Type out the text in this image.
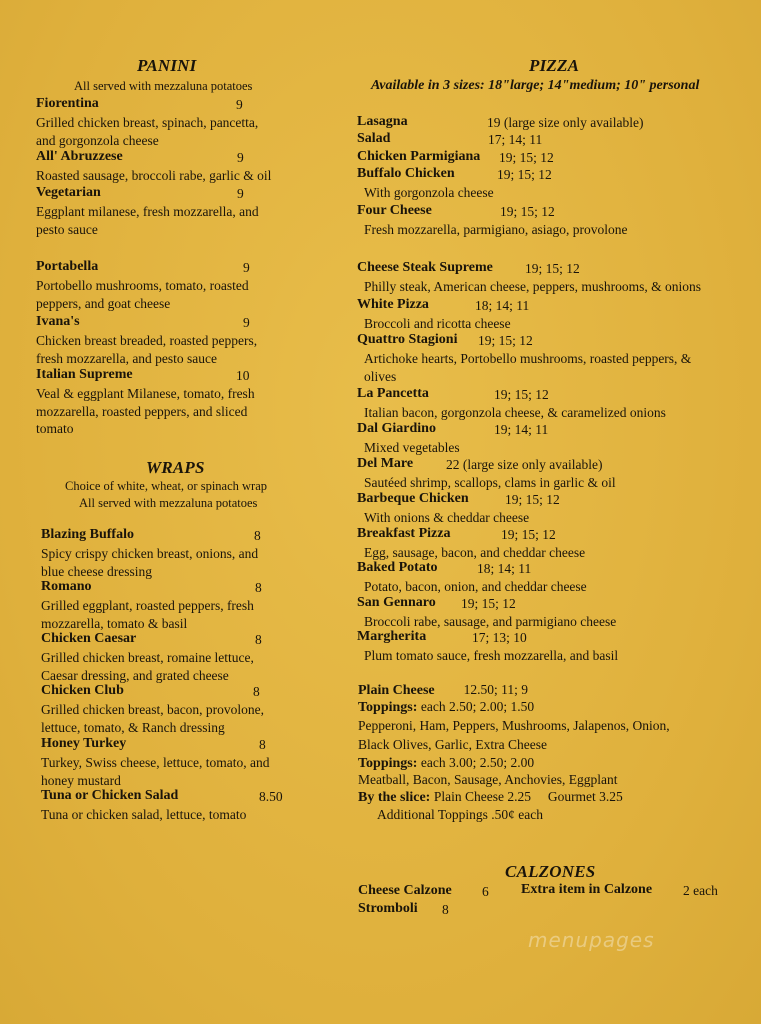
PANINI
All served with mezzaluna potatoes
Fiorentina	9
Grilled chicken breast, spinach, pancetta,
and gorgonzola cheese
All' Abruzzese	9
Roasted sausage, broccoli rabe, garlic & oil
Vegetarian	9
Eggplant milanese, fresh mozzarella, and
pesto sauce
Portabella	9
Portobello mushrooms, tomato, roasted
peppers, and goat cheese
Ivana's	9
Chicken breast breaded, roasted peppers,
fresh mozzarella, and pesto sauce
Italian Supreme	10
Veal & eggplant Milanese, tomato, fresh
mozzarella, roasted peppers, and sliced
tomato
WRAPS
Choice of white, wheat, or spinach wrap
All served with mezzaluna potatoes
Blazing Buffalo	8
Spicy crispy chicken breast, onions, and
blue cheese dressing
Romano	8
Grilled eggplant, roasted peppers, fresh
mozzarella, tomato & basil
Chicken Caesar	8
Grilled chicken breast, romaine lettuce,
Caesar dressing, and grated cheese
Chicken Club	8
Grilled chicken breast, bacon, provolone,
lettuce, tomato, & Ranch dressing
Honey Turkey	8
Turkey, Swiss cheese, lettuce, tomato, and
honey mustard
Tuna or Chicken Salad	8.50
Tuna or chicken salad, lettuce, tomato
PIZZA
Available in 3 sizes: 18"large; 14"medium; 10" personal
Lasagna	19 (large size only available)
Salad	17; 14; 11
Chicken Parmigiana 19; 15; 12
Buffalo Chicken	19; 15; 12
With gorgonzola cheese
Four Cheese	19; 15; 12
Fresh mozzarella, parmigiano, asiago, provolone
Cheese Steak Supreme 19; 15; 12
Philly steak, American cheese, peppers, mushrooms, & onions
White Pizza	18; 14; 11
Broccoli and ricotta cheese
Quattro Stagioni 19; 15; 12
Artichoke hearts, Portobello mushrooms, roasted peppers, &
olives
La Pancetta	19; 15; 12
Italian bacon, gorgonzola cheese, & caramelized onions
Dal Giardino	19; 14; 11
Mixed vegetables
Del Mare 22 (large size only available)
Sautéed shrimp, scallops, clams in garlic & oil
Barbeque Chicken	19; 15; 12
With onions & cheddar cheese
Breakfast Pizza	19; 15; 12
Egg, sausage, bacon, and cheddar cheese
Baked Potato	18; 14; 11
Potato, bacon, onion, and cheddar cheese
San Gennaro 19; 15; 12
Broccoli rabe, sausage, and parmigiano cheese
Margherita	17; 13; 10
Plum tomato sauce, fresh mozzarella, and basil
Plain Cheese 12.50; 11; 9
Toppings: each 2.50; 2.00; 1.50
Pepperoni, Ham, Peppers, Mushrooms, Jalapenos, Onion,
Black Olives, Garlic, Extra Cheese
Toppings: each 3.00; 2.50; 2.00
Meatball, Bacon, Sausage, Anchovies, Eggplant
By the slice: Plain Cheese 2.25     Gourmet 3.25
Additional Toppings .50¢ each
CALZONES
Cheese Calzone 6 Extra item in Calzone 2 each
Stromboli 8
menupages
